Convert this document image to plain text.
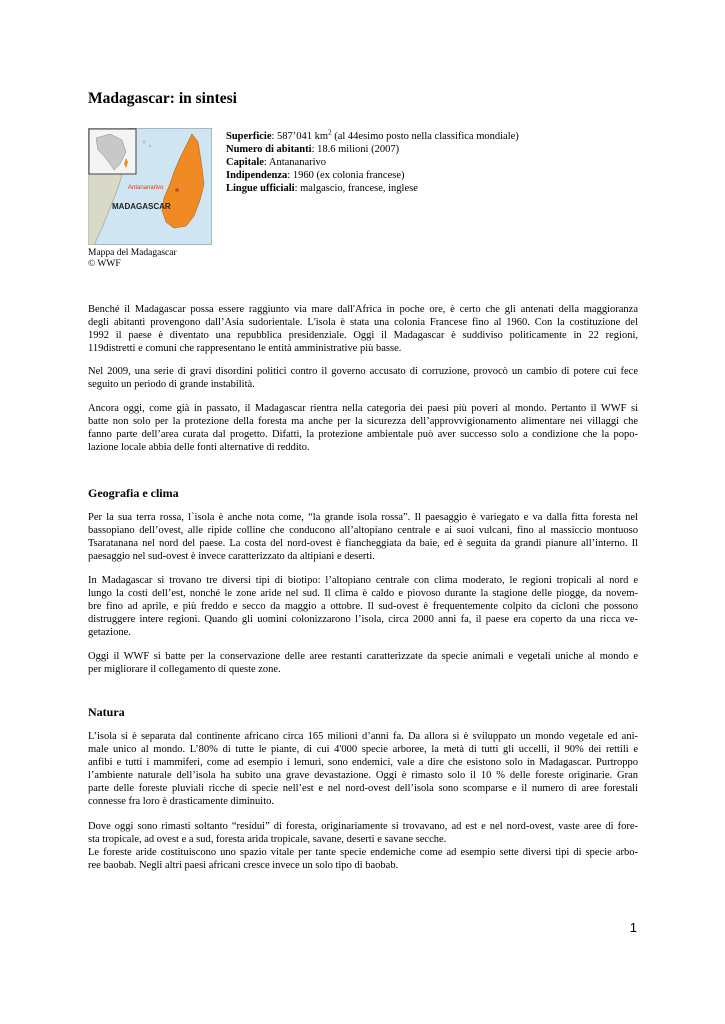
Madagascar: in sintesi
Antananarivo
MADAGASCAR
Mappa del Madagascar
© WWF
Superficie: 587’041 $km^2$ (al 44esimo posto nella classifica mondiale)
Numero di abitanti: 18.6 milioni (2007)
Capitale: Antananarivo
Indipendenza: 1960 (ex colonia francese)
Lingue ufficiali: malgascio, francese, inglese
Benché il Madagascar possa essere raggiunto via mare dall'Africa in poche ore, è certo che gli antenati della maggioranza
degli abitanti provengono dall’Asia sudorientale. L'isola è stata una colonia Francese fino al 1960. Con la costituzione del
1992 il paese è diventato una repubblica presidenziale. Oggi il Madagascar è suddiviso politicamente in 22 regioni,
119distretti e comuni che rappresentano le entità amministrative più basse.
Nel 2009, una serie di gravi disordini politici contro il governo accusato di corruzione, provocò un cambio di potere cui fece
seguito un periodo di grande instabilità.
Ancora oggi, come già in passato, il Madagascar rientra nella categoria dei paesi più poveri al mondo. Pertanto il WWF si
batte non solo per la protezione della foresta ma anche per la sicurezza dell’approvvigionamento alimentare nei villaggi che
fanno parte dell’area curata dal progetto. Difatti, la protezione ambientale può aver successo solo a condizione che la popo-
lazione locale abbia delle fonti alternative di reddito.
Geografia e clima
Per la sua terra rossa, l`isola è anche nota come, “la grande isola rossa”. Il paesaggio è variegato e va dalla fitta foresta nel
bassopiano dell’ovest, alle ripide colline che conducono all’altopiano centrale e ai suoi vulcani, fino al massiccio montuoso
Tsaratanana nel nord del paese. La costa del nord-ovest è fiancheggiata da baie, ed è seguita da grandi pianure all’interno. Il
paesaggio nel sud-ovest è invece caratterizzato da altipiani e deserti.
In Madagascar si trovano tre diversi tipi di biotipo: l’altopiano centrale con clima moderato, le regioni tropicali al nord e
lungo la costi dell’est, nonché le zone aride nel sud. Il clima è caldo e piovoso durante la stagione delle piogge, da novem-
bre fino ad aprile, e più freddo e secco da maggio a ottobre. Il sud-ovest è frequentemente colpito da cicloni che possono
distruggere intere regioni. Quando gli uomini colonizzarono l’isola, circa 2000 anni fa, il paese era coperto da una ricca ve-
getazione.
Oggi il WWF si batte per la conservazione delle aree restanti caratterizzate da specie animali e vegetali uniche al mondo e
per migliorare il collegamento di queste zone.
Natura
L’isola si è separata dal continente africano circa 165 milioni d’anni fa. Da allora si è sviluppato un mondo vegetale ed ani-
male unico al mondo. L’80% di tutte le piante, di cui 4'000 specie arboree, la metà di tutti gli uccelli, il 90% dei rettili e
anfibi e tutti i mammiferi, come ad esempio i lemuri, sono endemici, vale a dire che esistono solo in Madagascar. Purtroppo
l’ambiente naturale dell’isola ha subito una grave devastazione. Oggi è rimasto solo il 10 % delle foreste originarie. Gran
parte delle foreste pluviali ricche di specie nell’est e nel nord-ovest dell’isola sono scomparse e il numero di aree forestali
connesse fra loro è drasticamente diminuito.
Dove oggi sono rimasti soltanto “residui” di foresta, originariamente si trovavano, ad est e nel nord-ovest, vaste aree di fore-
sta tropicale, ad ovest e a sud, foresta arida tropicale, savane, deserti e savane secche.
Le foreste aride costituiscono uno spazio vitale per tante specie endemiche come ad esempio sette diversi tipi di specie arbo-
ree baobab. Negli altri paesi africani cresce invece un solo tipo di baobab.
1
